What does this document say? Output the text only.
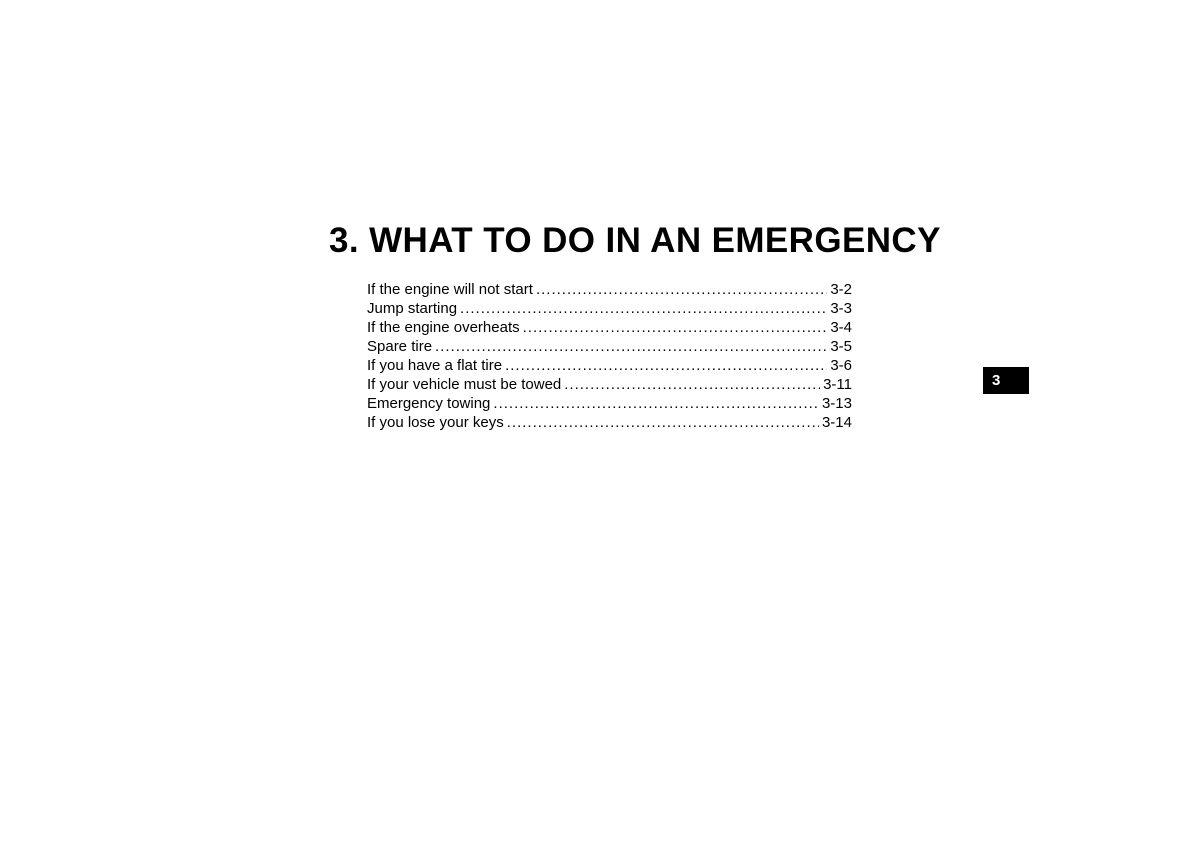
3. WHAT TO DO IN AN EMERGENCY
If the engine will not start .....	3-2
Jump starting .....	3-3
If the engine overheats .....	3-4
Spare tire .....	3-5
If you have a flat tire .....	3-6
If your vehicle must be towed .....	3-11
Emergency towing .....	3-13
If you lose your keys .....	3-14
3
